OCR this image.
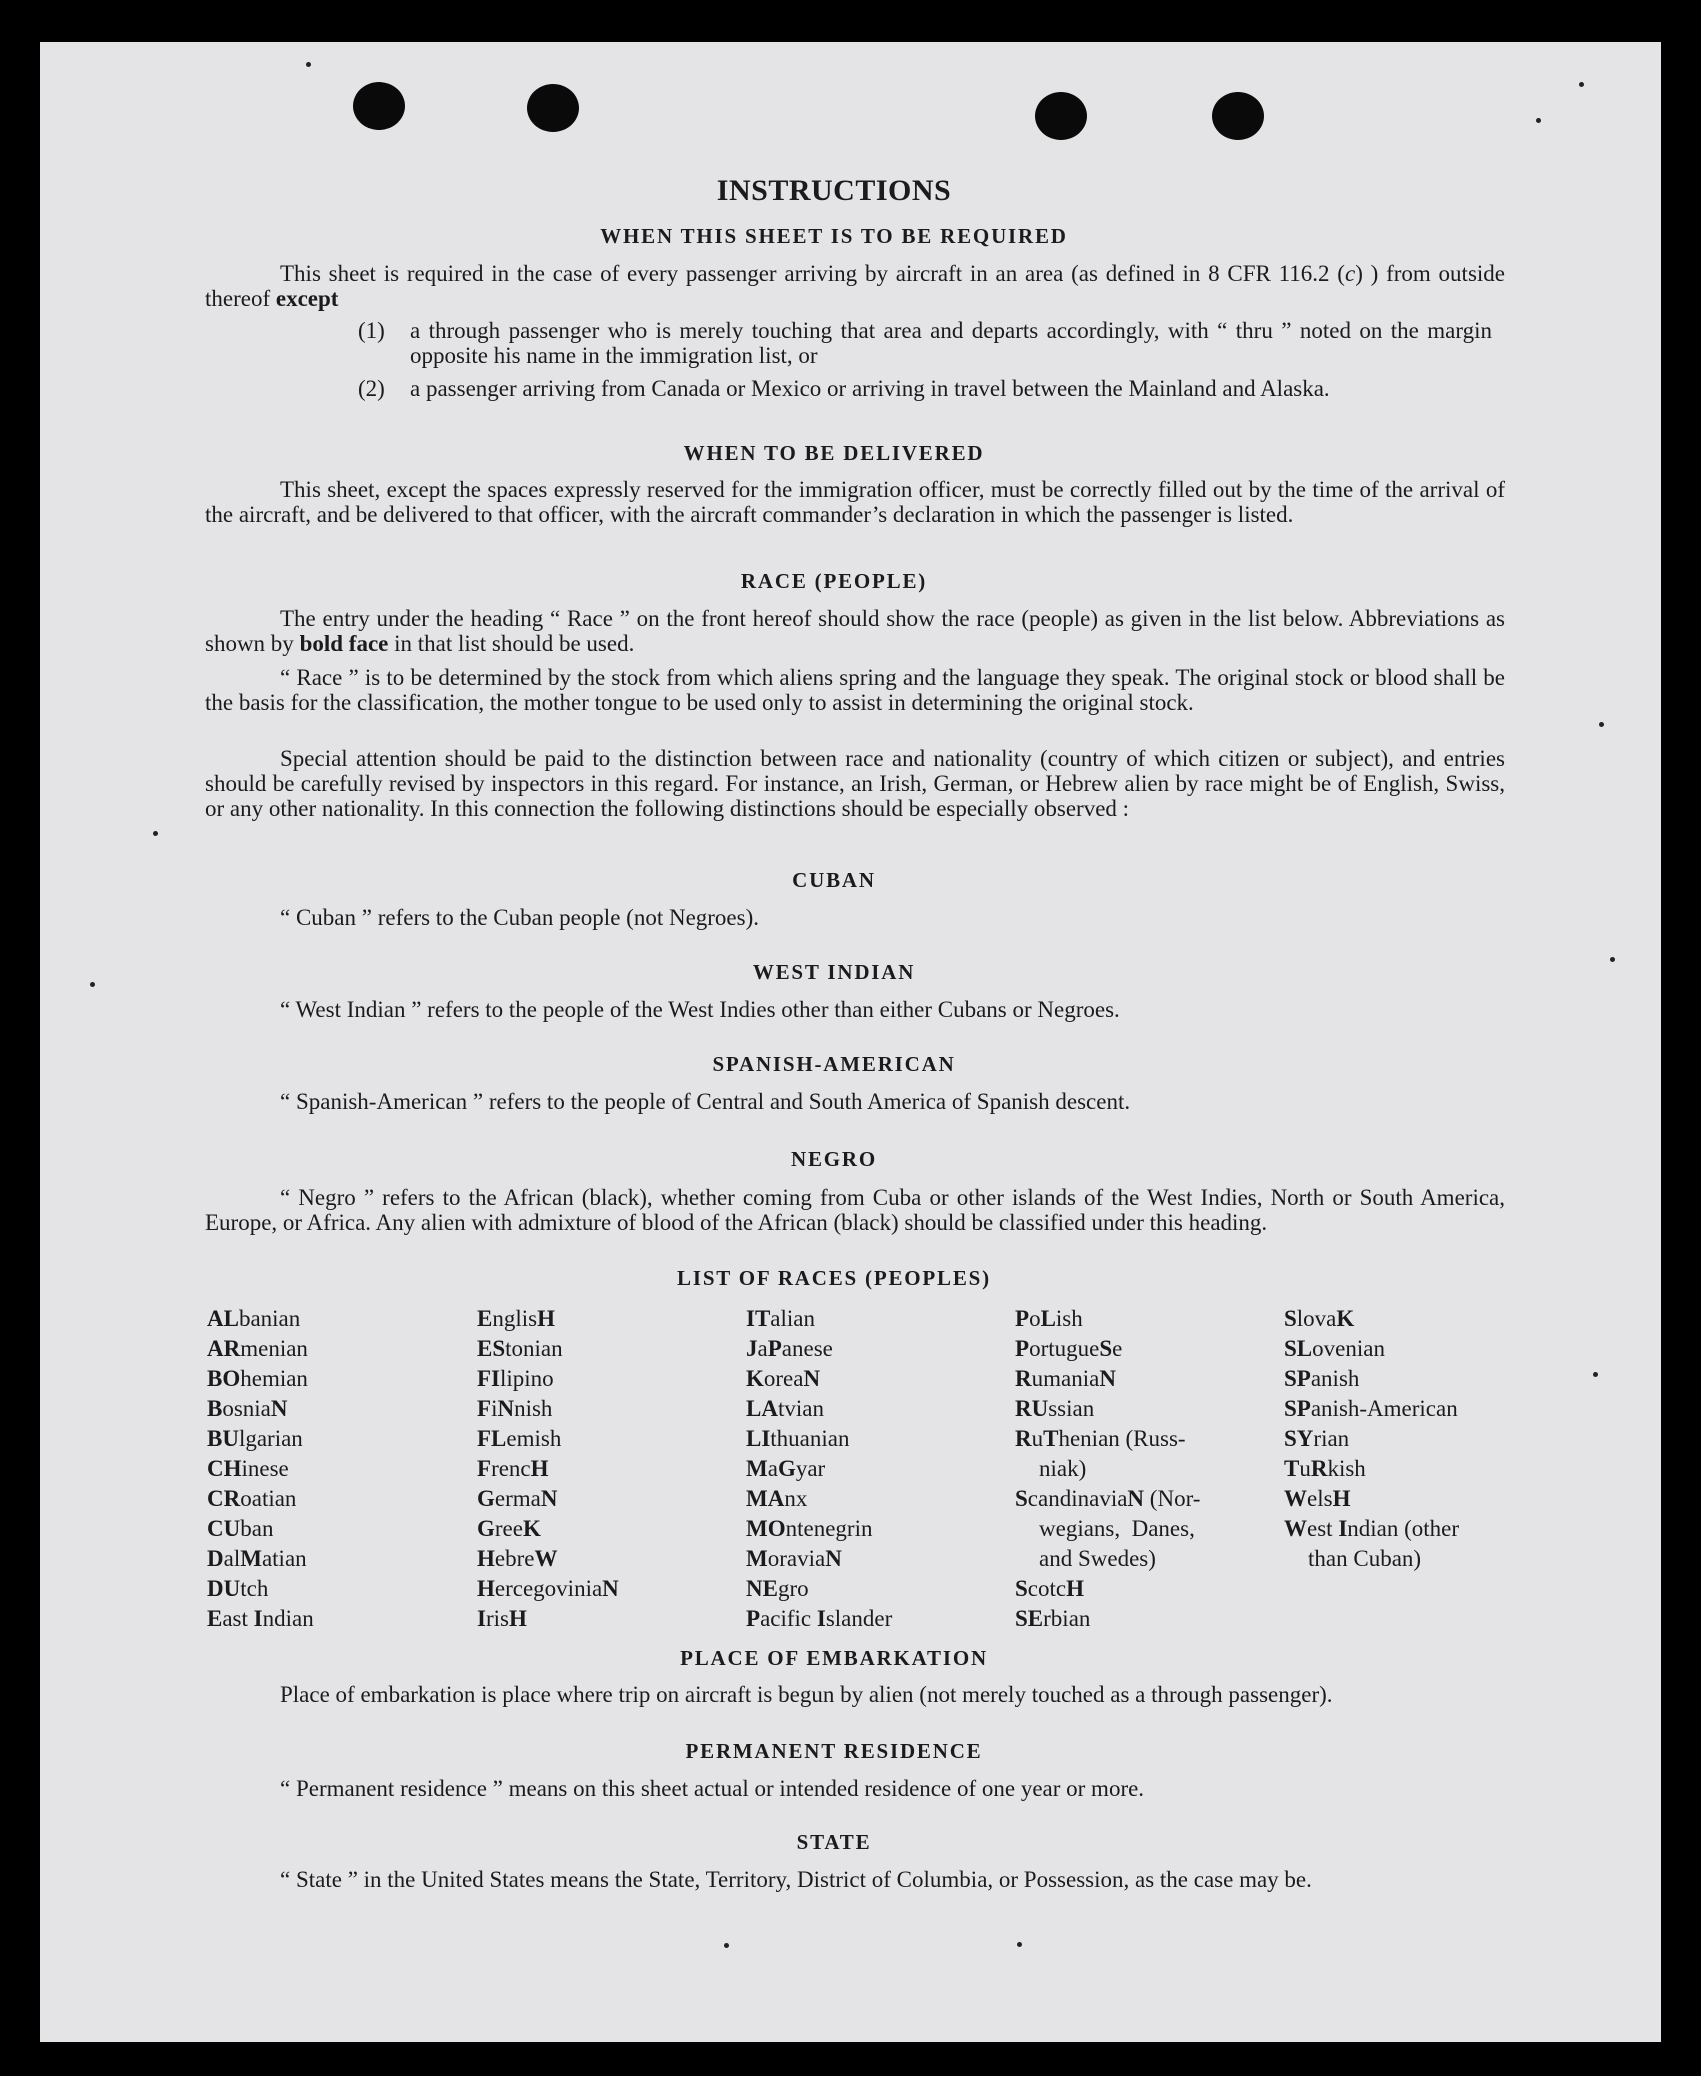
INSTRUCTIONS
WHEN THIS SHEET IS TO BE REQUIRED

This sheet is required in the case of every passenger arriving by aircraft in an area (as defined in 8 CFR 116.2 (c) ) from outside thereof except

(1) a through passenger who is merely touching that area and departs accordingly, with “ thru ” noted on the margin opposite his name in the immigration list, or
(2) a passenger arriving from Canada or Mexico or arriving in travel between the Mainland and Alaska.
WHEN TO BE DELIVERED

This sheet, except the spaces expressly reserved for the immigration officer, must be correctly filled out by the time of the arrival of the aircraft, and be delivered to that officer, with the aircraft commander’s declaration in which the passenger is listed.

RACE (PEOPLE)

The entry under the heading “ Race ” on the front hereof should show the race (people) as given in the list below. Abbreviations as shown by bold face in that list should be used.

“ Race ” is to be determined by the stock from which aliens spring and the language they speak. The original stock or blood shall be the basis for the classification, the mother tongue to be used only to assist in determining the original stock.

Special attention should be paid to the distinction between race and nationality (country of which citizen or subject), and entries should be carefully revised by inspectors in this regard. For instance, an Irish, German, or Hebrew alien by race might be of English, Swiss, or any other nationality. In this connection the following distinctions should be especially observed :

CUBAN

“ Cuban ” refers to the Cuban people (not Negroes).

WEST INDIAN

“ West Indian ” refers to the people of the West Indies other than either Cubans or Negroes.

SPANISH-AMERICAN

“ Spanish-American ” refers to the people of Central and South America of Spanish descent.

NEGRO

“ Negro ” refers to the African (black), whether coming from Cuba or other islands of the West Indies, North or South America, Europe, or Africa. Any alien with admixture of blood of the African (black) should be classified under this heading.

LIST OF RACES (PEOPLES)
PLACE OF EMBARKATION

Place of embarkation is place where trip on aircraft is begun by alien (not merely touched as a through passenger).

PERMANENT RESIDENCE

“ Permanent residence ” means on this sheet actual or intended residence of one year or more.

STATE

“ State ” in the United States means the State, Territory, District of Columbia, or Possession, as the case may be.

ALbanian
ARmenian
BOhemian
BosniaN
BUlgarian
CHinese
CRoatian
CUban
DalMatian
DUtch
East Indian
EnglisH
EStonian
FIlipino
FiNnish
FLemish
FrencH
GermaN
GreeK
HebreW
HercegoviniaN
IrisH
ITalian
JaPanese
KoreaN
LAtvian
LIthuanian
MaGyar
MAnx
MOntenegrin
MoraviaN
NEgro
Pacific Islander
PoLish
PortugueSe
RumaniaN
RUssian
RuThenian (Russ-
niak)
ScandinaviaN (Nor-
wegians,  Danes,
and Swedes)
ScotcH
SErbian
SlovaK
SLovenian
SPanish
SPanish-American
SYrian
TuRkish
WelsH
West Indian (other
than Cuban)
